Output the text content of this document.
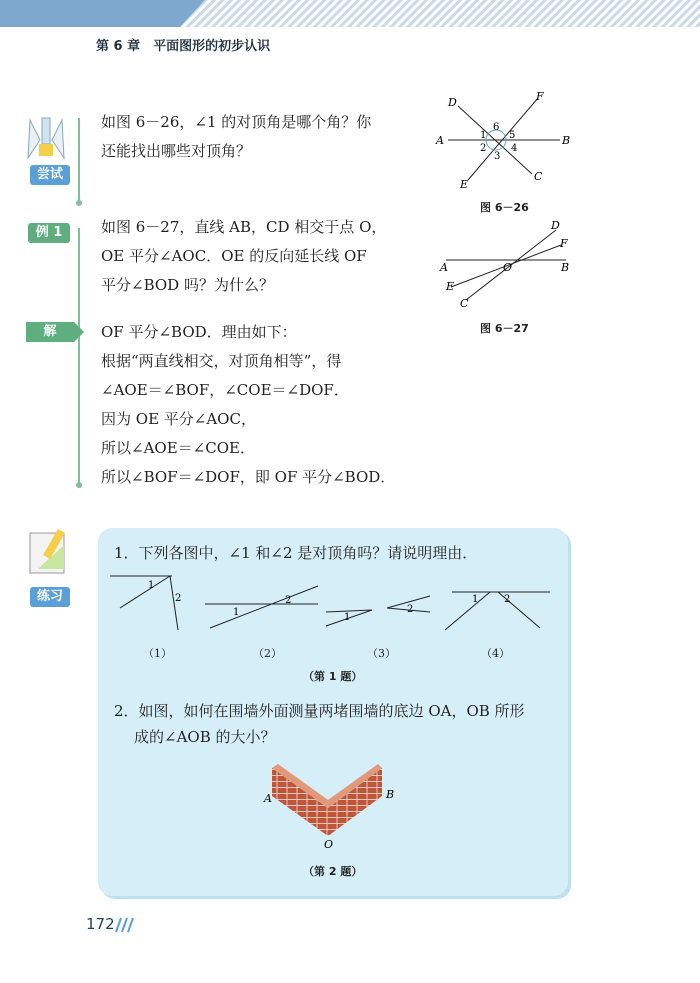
第 6 章　平面图形的初步认识
尝试
如图 6－26，∠1 的对顶角是哪个角？你
还能找出哪些对顶角？
D	F
A	B
E
C
6
1 5
2 4
3
图 6－26
例 1	如图 6－27，直线 AB，CD 相交于点 O，
OE 平分∠AOC．OE 的反向延长线 OF
平分∠BOD 吗？为什么？
D
F
A	O	B
E
C
图 6－27
解	OF 平分∠BOD．理由如下：
根据“两直线相交，对顶角相等”，得
∠AOE＝∠BOF，∠COE＝∠DOF．
因为 OE 平分∠AOC，
所以∠AOE＝∠COE．
所以∠BOF＝∠DOF，即 OF 平分∠BOD．
练习
1．下列各图中，∠1 和∠2 是对顶角吗？请说明理由．
1
2
1
2
1
2
1	2
（1）	（2）	（3）	（4）
（第 1 题）
2．如图，如何在围墙外面测量两堵围墙的底边 OA，OB 所形
成的∠AOB 的大小？
A	B
O
（第 2 题）
172
